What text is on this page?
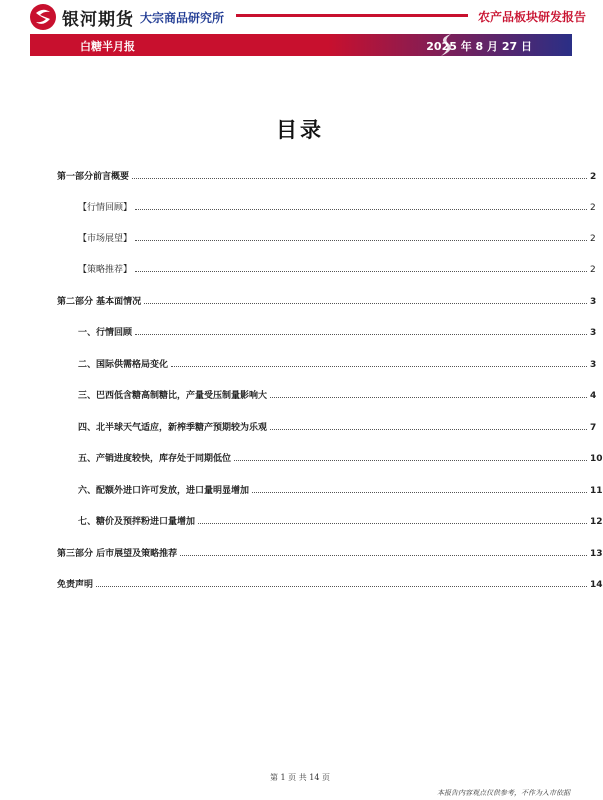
银河期货 大宗商品研究所	农产品板块研发报告
白糖半月报	2025 年 8 月 27 日
目录
第一部分前言概要	2
【行情回顾】	2
【市场展望】	2
【策略推荐】	2
第二部分 基本面情况	3
一、行情回顾	3
二、国际供需格局变化	3
三、巴西低含糖高制糖比，产量受压制量影响大	4
四、北半球天气适应，新榨季糖产预期较为乐观	7
五、产销进度较快，库存处于同期低位	10
六、配额外进口许可发放，进口量明显增加	11
七、糖价及预拌粉进口量增加	12
第三部分 后市展望及策略推荐	13
免责声明	14
第 1 页 共 14 页
本报告内容观点仅供参考，不作为入市依据
